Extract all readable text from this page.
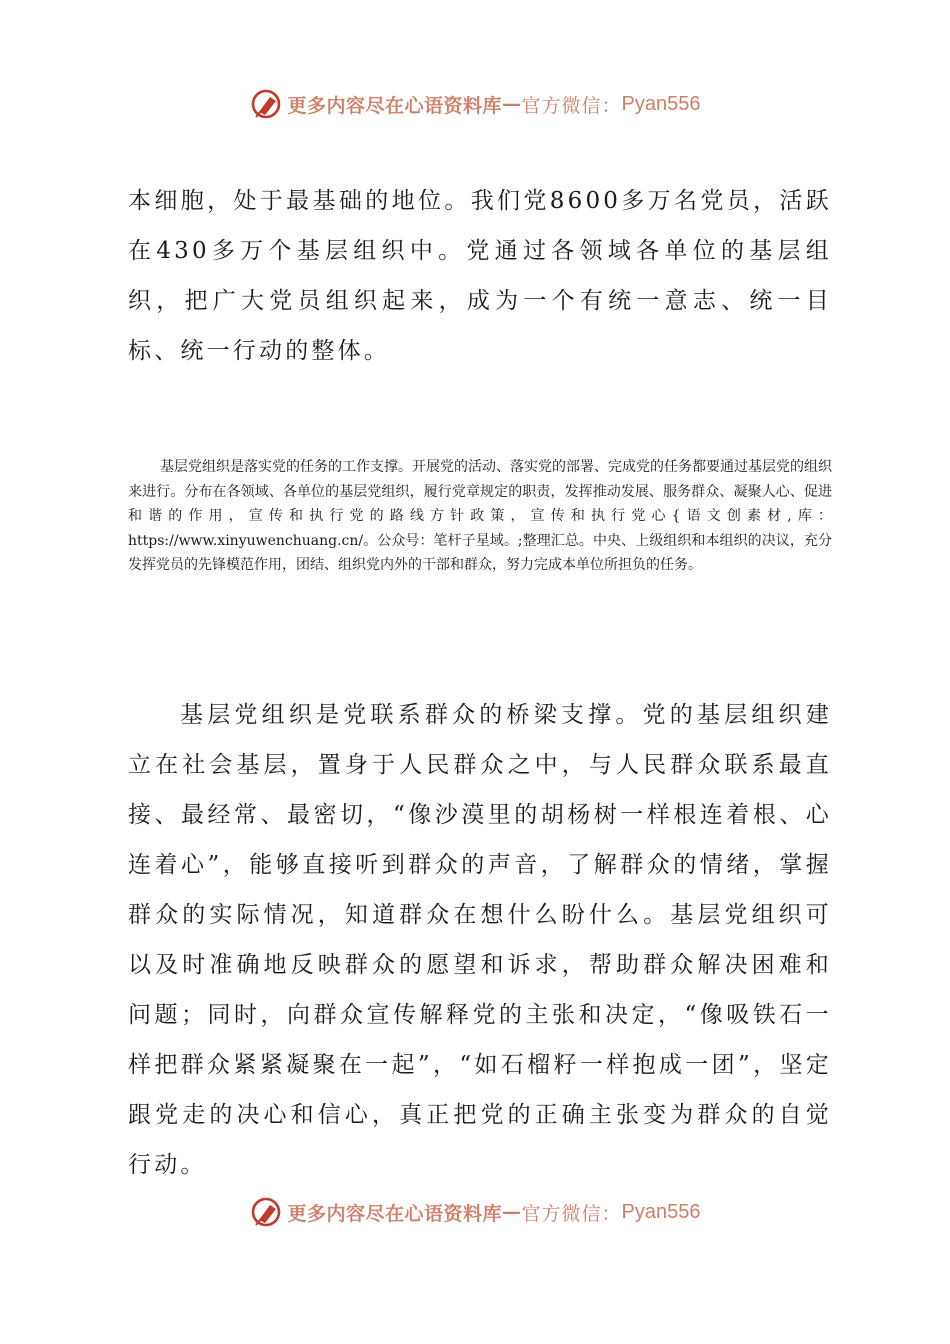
更多内容尽在心语资料库 — 官方微信： Pyan556

本细胞，处于最基础的地位。我们党8600多万名党员，活跃在430多万个基层组织中。党通过各领域各单位的基层组织，把广大党员组织起来，成为一个有统一意志、统一目标、统一行动的整体。

基层党组织是落实党的任务的工作支撑。开展党的活动、落实党的部署、完成党的任务都要通过基层党的组织来进行。分布在各领域、各单位的基层党组织，履行党章规定的职责，发挥推动发展、服务群众、凝聚人心、促进和谐的作用，宣传和执行党的路线方针政策，宣传和执行党心{语文创素材,库：https://www.xinyuwenchuang.cn/。公众号：笔杆子星域。;整理汇总。中央、上级组织和本组织的决议，充分发挥党员的先锋模范作用，团结、组织党内外的干部和群众，努力完成本单位所担负的任务。

基层党组织是党联系群众的桥梁支撑。党的基层组织建立在社会基层，置身于人民群众之中，与人民群众联系最直接、最经常、最密切，“像沙漠里的胡杨树一样根连着根、心连着心”，能够直接听到群众的声音，了解群众的情绪，掌握群众的实际情况，知道群众在想什么盼什么。基层党组织可以及时准确地反映群众的愿望和诉求，帮助群众解决困难和问题；同时，向群众宣传解释党的主张和决定，“像吸铁石一样把群众紧紧凝聚在一起”，“如石榴籽一样抱成一团”，坚定跟党走的决心和信心，真正把党的正确主张变为群众的自觉行动。

更多内容尽在心语资料库 — 官方微信： Pyan556
